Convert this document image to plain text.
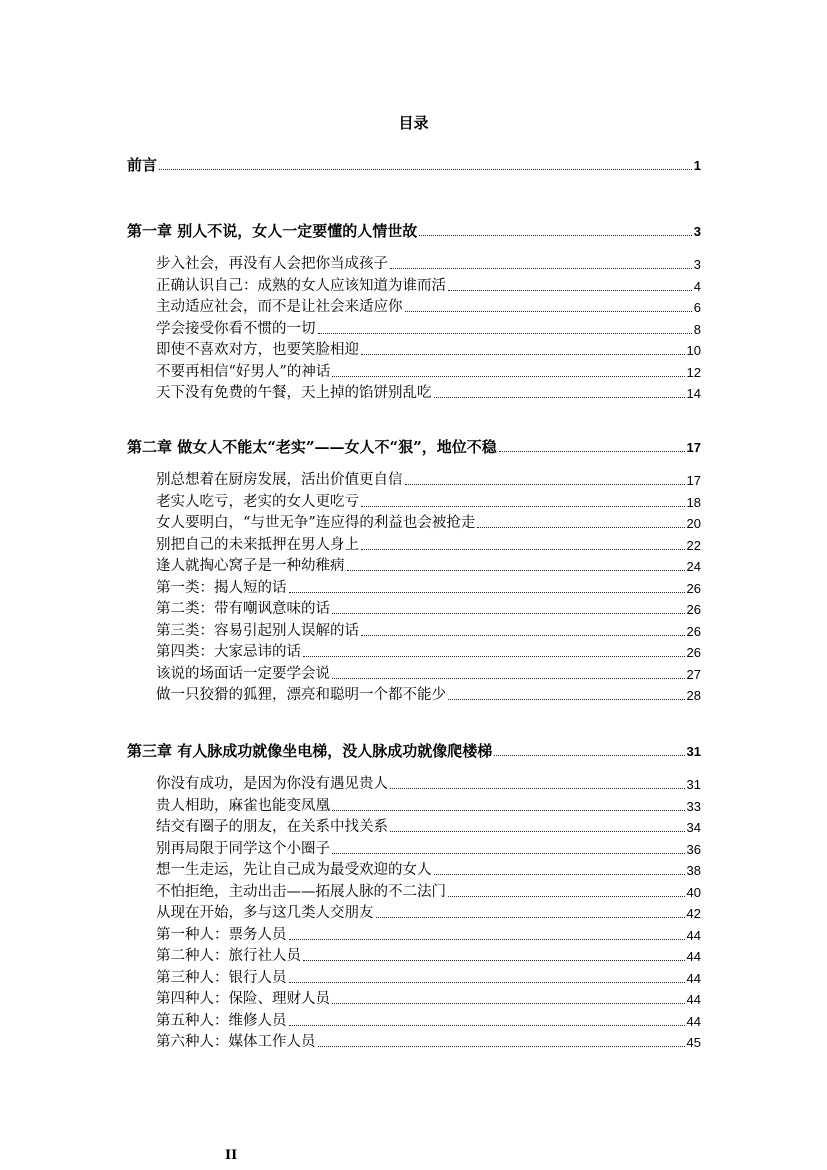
目录
前言	1
第一章 别人不说，女人一定要懂的人情世故	3
步入社会，再没有人会把你当成孩子	3
正确认识自己：成熟的女人应该知道为谁而活	4
主动适应社会，而不是让社会来适应你	6
学会接受你看不惯的一切	8
即使不喜欢对方，也要笑脸相迎	10
不要再相信“好男人”的神话	12
天下没有免费的午餐，天上掉的馅饼别乱吃	14
第二章 做女人不能太“老实”——女人不“狠”，地位不稳	17
别总想着在厨房发展，活出价值更自信	17
老实人吃亏，老实的女人更吃亏	18
女人要明白，“与世无争”连应得的利益也会被抢走	20
别把自己的未来抵押在男人身上	22
逢人就掏心窝子是一种幼稚病	24
第一类：揭人短的话	26
第二类：带有嘲讽意味的话	26
第三类：容易引起别人误解的话	26
第四类：大家忌讳的话	26
该说的场面话一定要学会说	27
做一只狡猾的狐狸，漂亮和聪明一个都不能少	28
第三章 有人脉成功就像坐电梯，没人脉成功就像爬楼梯	31
你没有成功，是因为你没有遇见贵人	31
贵人相助，麻雀也能变凤凰	33
结交有圈子的朋友，在关系中找关系	34
别再局限于同学这个小圈子	36
想一生走运，先让自己成为最受欢迎的女人	38
不怕拒绝，主动出击——拓展人脉的不二法门	40
从现在开始，多与这几类人交朋友	42
第一种人：票务人员	44
第二种人：旅行社人员	44
第三种人：银行人员	44
第四种人：保险、理财人员	44
第五种人：维修人员	44
第六种人：媒体工作人员	45
II
